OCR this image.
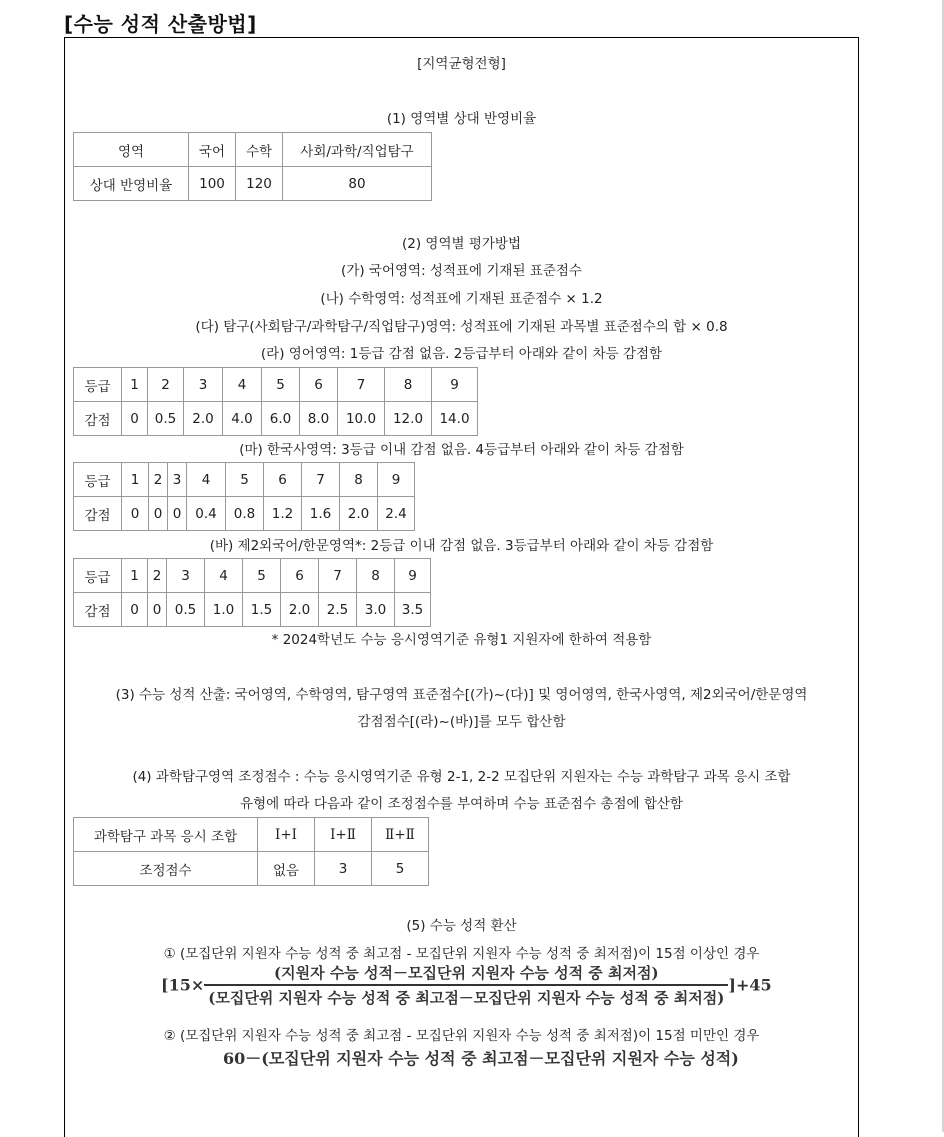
[수능 성적 산출방법]
[지역균형전형]
(1) 영역별 상대 반영비율
영역	국어	수학	사회/과학/직업탐구
상대 반영비율	100	120	80
(2) 영역별 평가방법
(가) 국어영역: 성적표에 기재된 표준점수
(나) 수학영역: 성적표에 기재된 표준점수 × 1.2
(다) 탐구(사회탐구/과학탐구/직업탐구)영역: 성적표에 기재된 과목별 표준점수의 합 × 0.8
(라) 영어영역: 1등급 감점 없음. 2등급부터 아래와 같이 차등 감점함
등급	1	2	3	4	5	6	7	8	9
감점	0	0.5	2.0	4.0	6.0	8.0	10.0	12.0	14.0
(마) 한국사영역: 3등급 이내 감점 없음. 4등급부터 아래와 같이 차등 감점함
등급	1	2	3	4	5	6	7	8	9
감점	0	0	0	0.4	0.8	1.2	1.6	2.0	2.4
(바) 제2외국어/한문영역*: 2등급 이내 감점 없음. 3등급부터 아래와 같이 차등 감점함
등급	1	2	3	4	5	6	7	8	9
감점	0	0	0.5	1.0	1.5	2.0	2.5	3.0	3.5
* 2024학년도 수능 응시영역기준 유형1 지원자에 한하여 적용함
(3) 수능 성적 산출: 국어영역, 수학영역, 탐구영역 표준점수[(가)~(다)] 및 영어영역, 한국사영역, 제2외국어/한문영역
감점점수[(라)~(바)]를 모두 합산함
(4) 과학탐구영역 조정점수 : 수능 응시영역기준 유형 2-1, 2-2 모집단위 지원자는 수능 과학탐구 과목 응시 조합
유형에 따라 다음과 같이 조정점수를 부여하며 수능 표준점수 총점에 합산함
과학탐구 과목 응시 조합	Ⅰ+Ⅰ	Ⅰ+Ⅱ	Ⅱ+Ⅱ
조정점수	없음	3	5
(5) 수능 성적 환산
① (모집단위 지원자 수능 성적 중 최고점 - 모집단위 지원자 수능 성적 중 최저점)이 15점 이상인 경우
$[15\times \frac{\text{(지원자 수능 성적－모집단위 지원자 수능 성적 중 최저점)}}{\text{(모집단위 지원자 수능 성적 중 최고점－모집단위 지원자 수능 성적 중 최저점)}} ]+45$
② (모집단위 지원자 수능 성적 중 최고점 - 모집단위 지원자 수능 성적 중 최저점)이 15점 미만인 경우
60－(모집단위 지원자 수능 성적 중 최고점－모집단위 지원자 수능 성적)
